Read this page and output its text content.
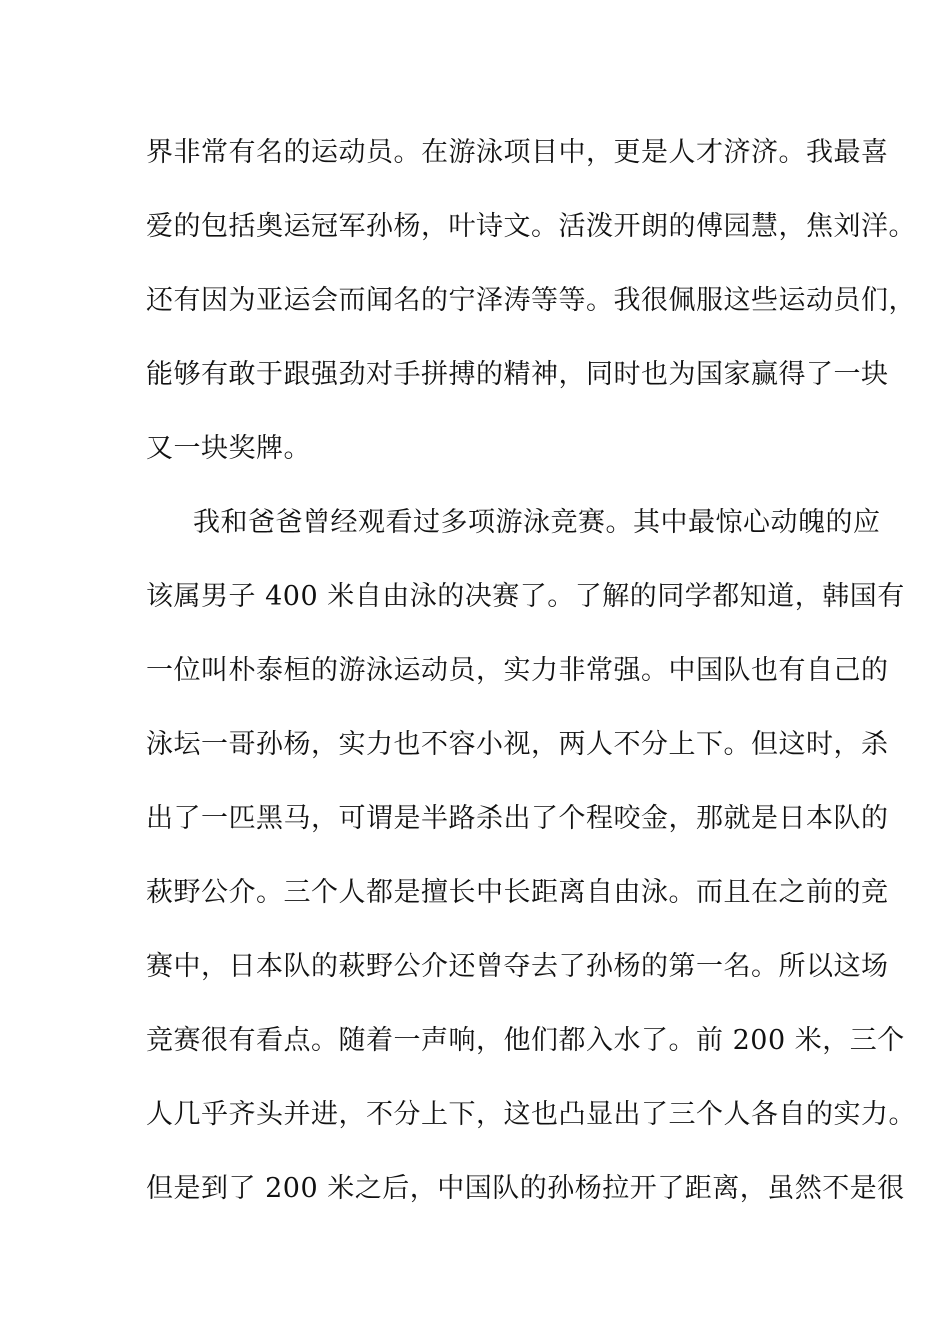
界非常有名的运动员。在游泳项目中，更是人才济济。我最喜
爱的包括奥运冠军孙杨，叶诗文。活泼开朗的傅园慧，焦刘洋。
还有因为亚运会而闻名的宁泽涛等等。我很佩服这些运动员们，
能够有敢于跟强劲对手拼搏的精神，同时也为国家赢得了一块
又一块奖牌。
我和爸爸曾经观看过多项游泳竞赛。其中最惊心动魄的应
该属男子 400 米自由泳的决赛了。了解的同学都知道，韩国有
一位叫朴泰桓的游泳运动员，实力非常强。中国队也有自己的
泳坛一哥孙杨，实力也不容小视，两人不分上下。但这时，杀
出了一匹黑马，可谓是半路杀出了个程咬金，那就是日本队的
萩野公介。三个人都是擅长中长距离自由泳。而且在之前的竞
赛中，日本队的萩野公介还曾夺去了孙杨的第一名。所以这场
竞赛很有看点。随着一声响，他们都入水了。前 200 米，三个
人几乎齐头并进，不分上下，这也凸显出了三个人各自的实力。
但是到了 200 米之后，中国队的孙杨拉开了距离，虽然不是很
